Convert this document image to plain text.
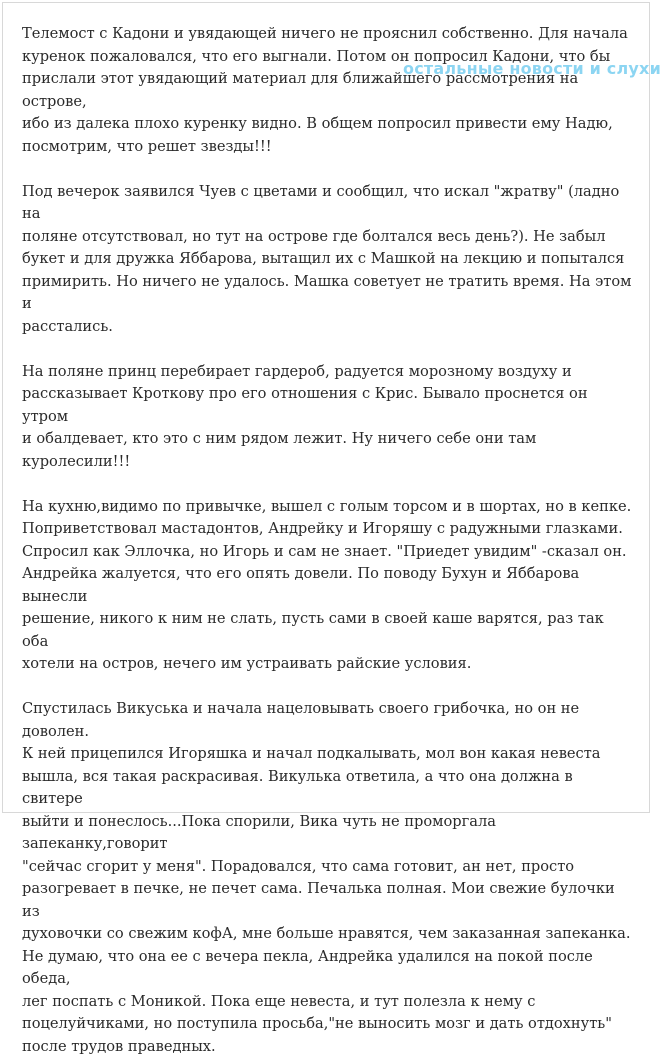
Телемост с Кадони и увядающей ничего не прояснил собственно. Для начала
куренок пожаловался, что его выгнали. Потом он попросил Кадони, что бы
прислали этот увядающий материал для ближайшего рассмотрения на острове,
ибо из далека плохо куренку видно. В общем попросил привести ему Надю,
посмотрим, что решет звезды!!!

Под вечерок заявился Чуев с цветами и сообщил, что искал "жратву" (ладно на
поляне отсутствовал, но тут на острове где болтался весь день?). Не забыл
букет и для дружка Яббарова, вытащил их с Машкой на лекцию и попытался
примирить. Но ничего не удалось. Машка советует не тратить время. На этом и
расстались.

На поляне принц перебирает гардероб, радуется морозному воздуху и
рассказывает Кроткову про его отношения с Крис. Бывало проснется он утром
и обалдевает, кто это с ним рядом лежит. Ну ничего себе они там куролесили!!!

На кухню,видимо по привычке, вышел с голым торсом и в шортах, но в кепке.
Поприветствовал мастадонтов, Андрейку и Игоряшу с радужными глазками.
Спросил как Эллочка, но Игорь и сам не знает. "Приедет увидим" -сказал он.
Андрейка жалуется, что его опять довели. По поводу Бухун и Яббарова вынесли
решение, никого к ним не слать, пусть сами в своей каше варятся, раз так оба
хотели на остров, нечего им устраивать райские условия.

Спустилась Викуська и начала нацеловывать своего грибочка, но он не доволен.
К ней прицепился Игоряшка и начал подкалывать, мол вон какая невеста
вышла, вся такая раскрасивая. Викулька ответила, а что она должна в свитере
выйти и понеслось...Пока спорили, Вика чуть не проморгала запеканку,говорит
"сейчас сгорит у меня". Порадовался, что сама готовит, ан нет, просто
разогревает в печке, не печет сама. Печалька полная. Мои свежие булочки из
духовочки со свежим кофА, мне больше нравятся, чем заказанная запеканка.
Не думаю, что она ее с вечера пекла, Андрейка удалился на покой после обеда,
лег поспать с Моникой. Пока еще невеста, и тут полезла к нему с
поцелуйчиками, но поступила просьба,"не выносить мозг и дать отдохнуть"
после трудов праведных.

остальные новости и слухи
